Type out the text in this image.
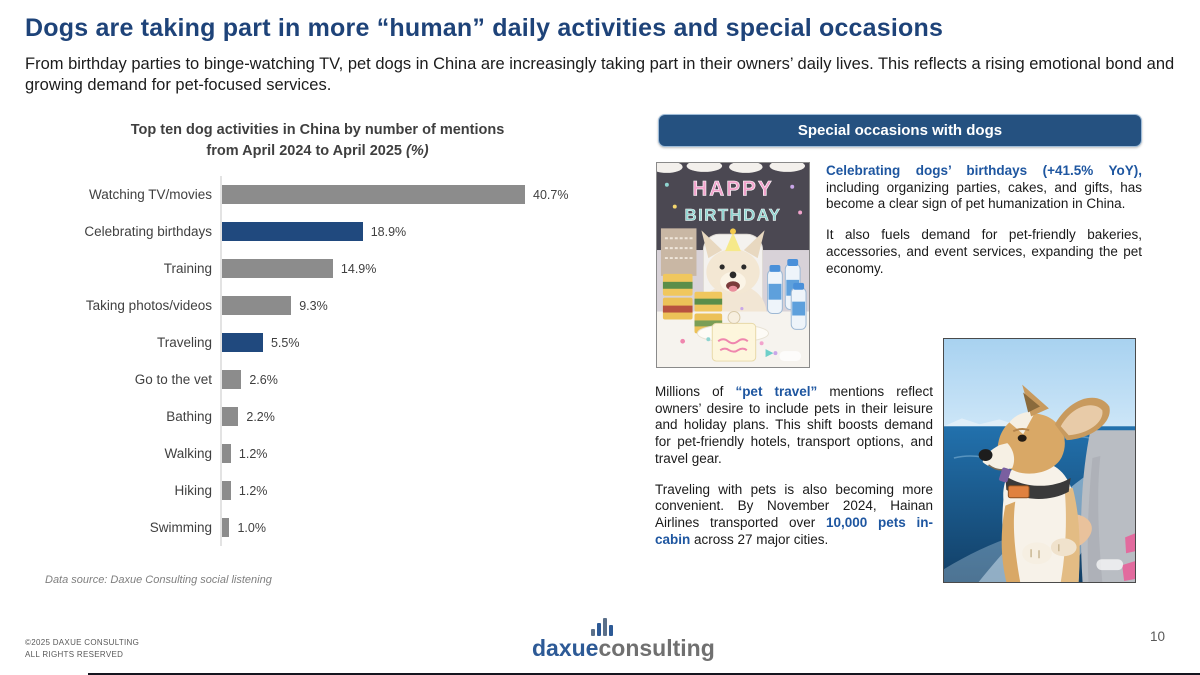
Dogs are taking part in more “human” daily activities and special occasions

From birthday parties to binge-watching TV, pet dogs in China are increasingly taking part in their owners’ daily lives. This reflects a rising emotional bond and growing demand for pet-focused services.

Top ten dog activities in China by number of mentions
from April 2024 to April 2025 (%)
Watching TV/movies	40.7%
Celebrating birthdays	18.9%
Training	14.9%
Taking photos/videos	9.3%
Traveling	5.5%
Go to the vet	2.6%
Bathing	2.2%
Walking	1.2%
Hiking	1.2%
Swimming	1.0%
Data source: Daxue Consulting social listening
Special occasions with dogs
HAPPY
BIRTHDAY

Celebrating dogs’ birthdays (+41.5% YoY), including organizing parties, cakes, and gifts, has become a clear sign of pet humanization in China.

It also fuels demand for pet-friendly bakeries, accessories, and event services, expanding the pet economy.

Millions of “pet travel” mentions reflect owners’ desire to include pets in their leisure and holiday plans. This shift boosts demand for pet-friendly hotels, transport options, and travel gear.

Traveling with pets is also becoming more convenient. By November 2024, Hainan Airlines transported over 10,000 pets in-cabin across 27 major cities.

©2025 DAXUE CONSULTING
ALL RIGHTS RESERVED	daxueconsulting	10
